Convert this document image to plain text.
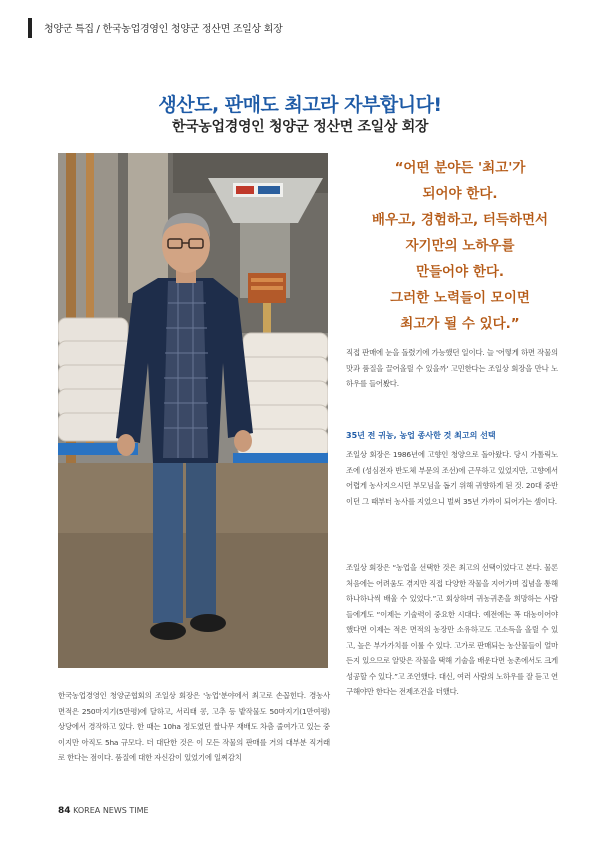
청양군 특집 / 한국농업경영인 청양군 정산면 조일상 회장
생산도, 판매도 최고라 자부합니다!
한국농업경영인 청양군 정산면 조일상 회장
“어떤 분야든 '최고'가
되어야 한다.
배우고, 경험하고, 터득하면서
자기만의 노하우를
만들어야 한다.
그러한 노력들이 모이면
최고가 될 수 있다.”
직접 판매에 눈을 돌렸기에 가능했던 일이다. 늘 '어떻게 하면 작물의 맛과 품질을 끌어올릴 수 있을까' 고민한다는 조일상 회장을 만나 노하우를 들어봤다.
35년 전 귀농, 농업 종사한 것 최고의 선택
조일상 회장은 1986년에 고향인 청양으로 돌아왔다. 당시 가톨릭노조에 (성심전자 반도체 부문의 조선)에 근무하고 있었지만, 고향에서 어렵게 농사지으시던 부모님을 돕기 위해 귀향하게 된 것. 20대 중반이던 그 때부터 농사를 지었으니 벌써 35년 가까이 되어가는 셈이다.
조일상 회장은 “농업을 선택한 것은 최고의 선택이었다고 본다. 물론 처음에는 어려움도 겪지만 직접 다양한 작물을 지어가며 집념을 통해 하나하나씩 배울 수 있었다.”고 회상하며 귀농귀촌을 희망하는 사람들에게도 “이제는 기술력이 중요한 시대다. 예전에는 폭 대농이어야 했다면 이제는 적은 면적의 농장만 소유하고도 고소득을 올릴 수 있고, 높은 부가가치를 이룰 수 있다. 고가로 판매되는 농산물들이 얼마든지 있으므로 알맞은 작물을 택해 기술을 배운다면 농촌에서도 크게 성공할 수 있다.”고 조언했다. 대신, 여러 사람의 노하우를 잘 듣고 연구해야만 한다는 전제조건을 더했다.
한국농업경영인 청양군협회의 조일상 회장은 '농업'분야에서 최고로 손꼽힌다. 경농사 면적은 250마지기(5만평)에 달하고, 서리태 콩, 고추 등 밭작물도 50마지기(1만여평) 상당에서 경작하고 있다. 한 때는 10ha 정도였던 쌀나무 재배도 차츰 줄여가고 있는 중이지만 아직도 5ha 규모다. 더 대단한 것은 이 모든 작물의 판매를 거의 대부분 직거래로 한다는 점이다. 품질에 대한 자신감이 있었기에 일찌감치
84 KOREA NEWS TIME
